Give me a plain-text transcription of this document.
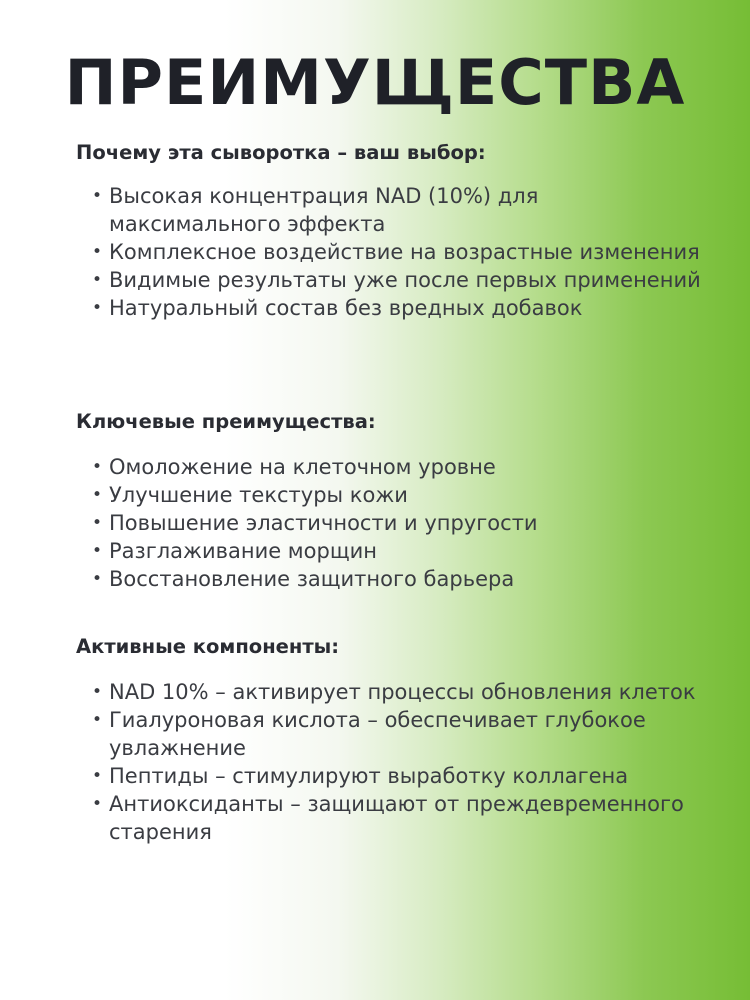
ПРЕИМУЩЕСТВА

Почему эта сыворотка – ваш выбор:

• Высокая концентрация NAD (10%) для максимального эффекта
• Комплексное воздействие на возрастные изменения
• Видимые результаты уже после первых применений
• Натуральный состав без вредных добавок

Ключевые преимущества:

• Омоложение на клеточном уровне
• Улучшение текстуры кожи
• Повышение эластичности и упругости
• Разглаживание морщин
• Восстановление защитного барьера

Активные компоненты:

• NAD 10% – активирует процессы обновления клеток
• Гиалуроновая кислота – обеспечивает глубокое увлажнение
• Пептиды – стимулируют выработку коллагена
• Антиоксиданты – защищают от преждевременного старения
